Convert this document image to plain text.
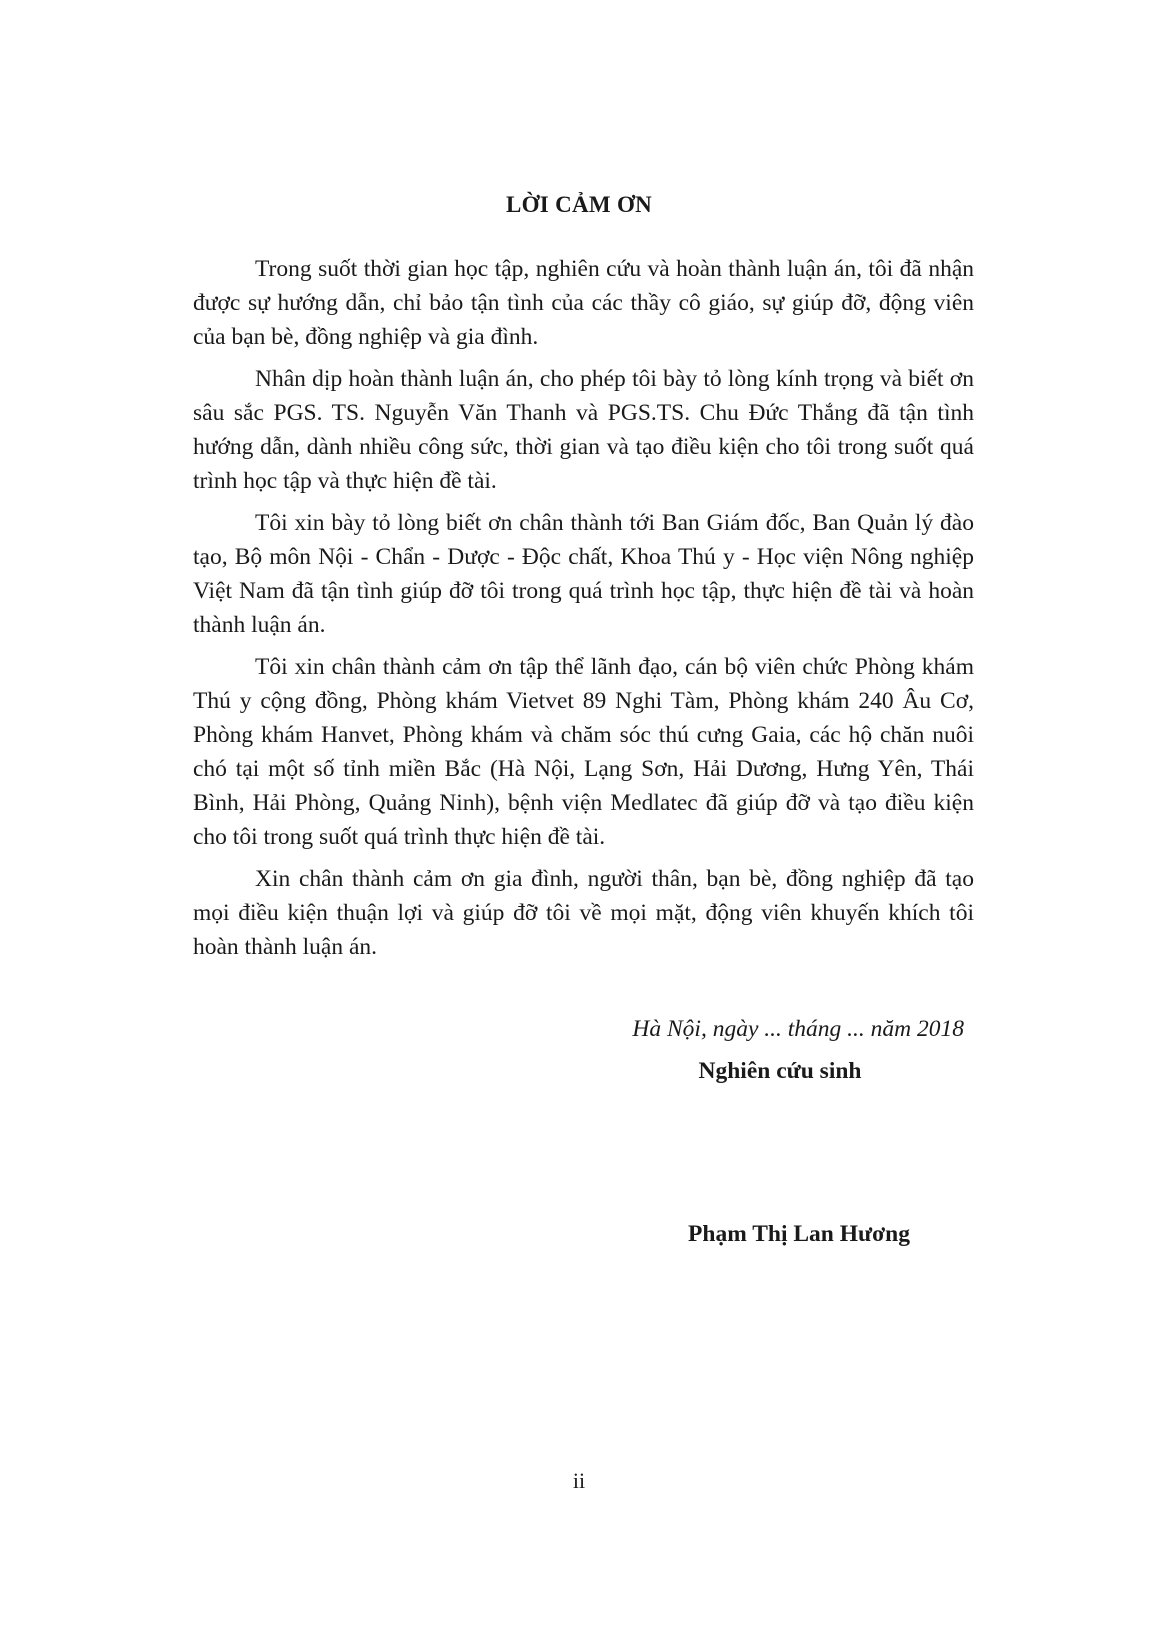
LỜI CẢM ƠN

Trong suốt thời gian học tập, nghiên cứu và hoàn thành luận án, tôi đã nhận được sự hướng dẫn, chỉ bảo tận tình của các thầy cô giáo, sự giúp đỡ, động viên của bạn bè, đồng nghiệp và gia đình.

Nhân dịp hoàn thành luận án, cho phép tôi bày tỏ lòng kính trọng và biết ơn sâu sắc PGS. TS. Nguyễn Văn Thanh và PGS.TS. Chu Đức Thắng đã tận tình hướng dẫn, dành nhiều công sức, thời gian và tạo điều kiện cho tôi trong suốt quá trình học tập và thực hiện đề tài.

Tôi xin bày tỏ lòng biết ơn chân thành tới Ban Giám đốc, Ban Quản lý đào tạo, Bộ môn Nội - Chẩn - Dược - Độc chất, Khoa Thú y - Học viện Nông nghiệp Việt Nam đã tận tình giúp đỡ tôi trong quá trình học tập, thực hiện đề tài và hoàn thành luận án.

Tôi xin chân thành cảm ơn tập thể lãnh đạo, cán bộ viên chức Phòng khám Thú y cộng đồng, Phòng khám Vietvet 89 Nghi Tàm, Phòng khám 240 Âu Cơ, Phòng khám Hanvet, Phòng khám và chăm sóc thú cưng Gaia, các hộ chăn nuôi chó tại một số tỉnh miền Bắc (Hà Nội, Lạng Sơn, Hải Dương, Hưng Yên, Thái Bình, Hải Phòng, Quảng Ninh), bệnh viện Medlatec đã giúp đỡ và tạo điều kiện cho tôi trong suốt quá trình thực hiện đề tài.

Xin chân thành cảm ơn gia đình, người thân, bạn bè, đồng nghiệp đã tạo mọi điều kiện thuận lợi và giúp đỡ tôi về mọi mặt, động viên khuyến khích tôi hoàn thành luận án.

Hà Nội, ngày ... tháng ... năm 2018
Nghiên cứu sinh
Phạm Thị Lan Hương
ii
